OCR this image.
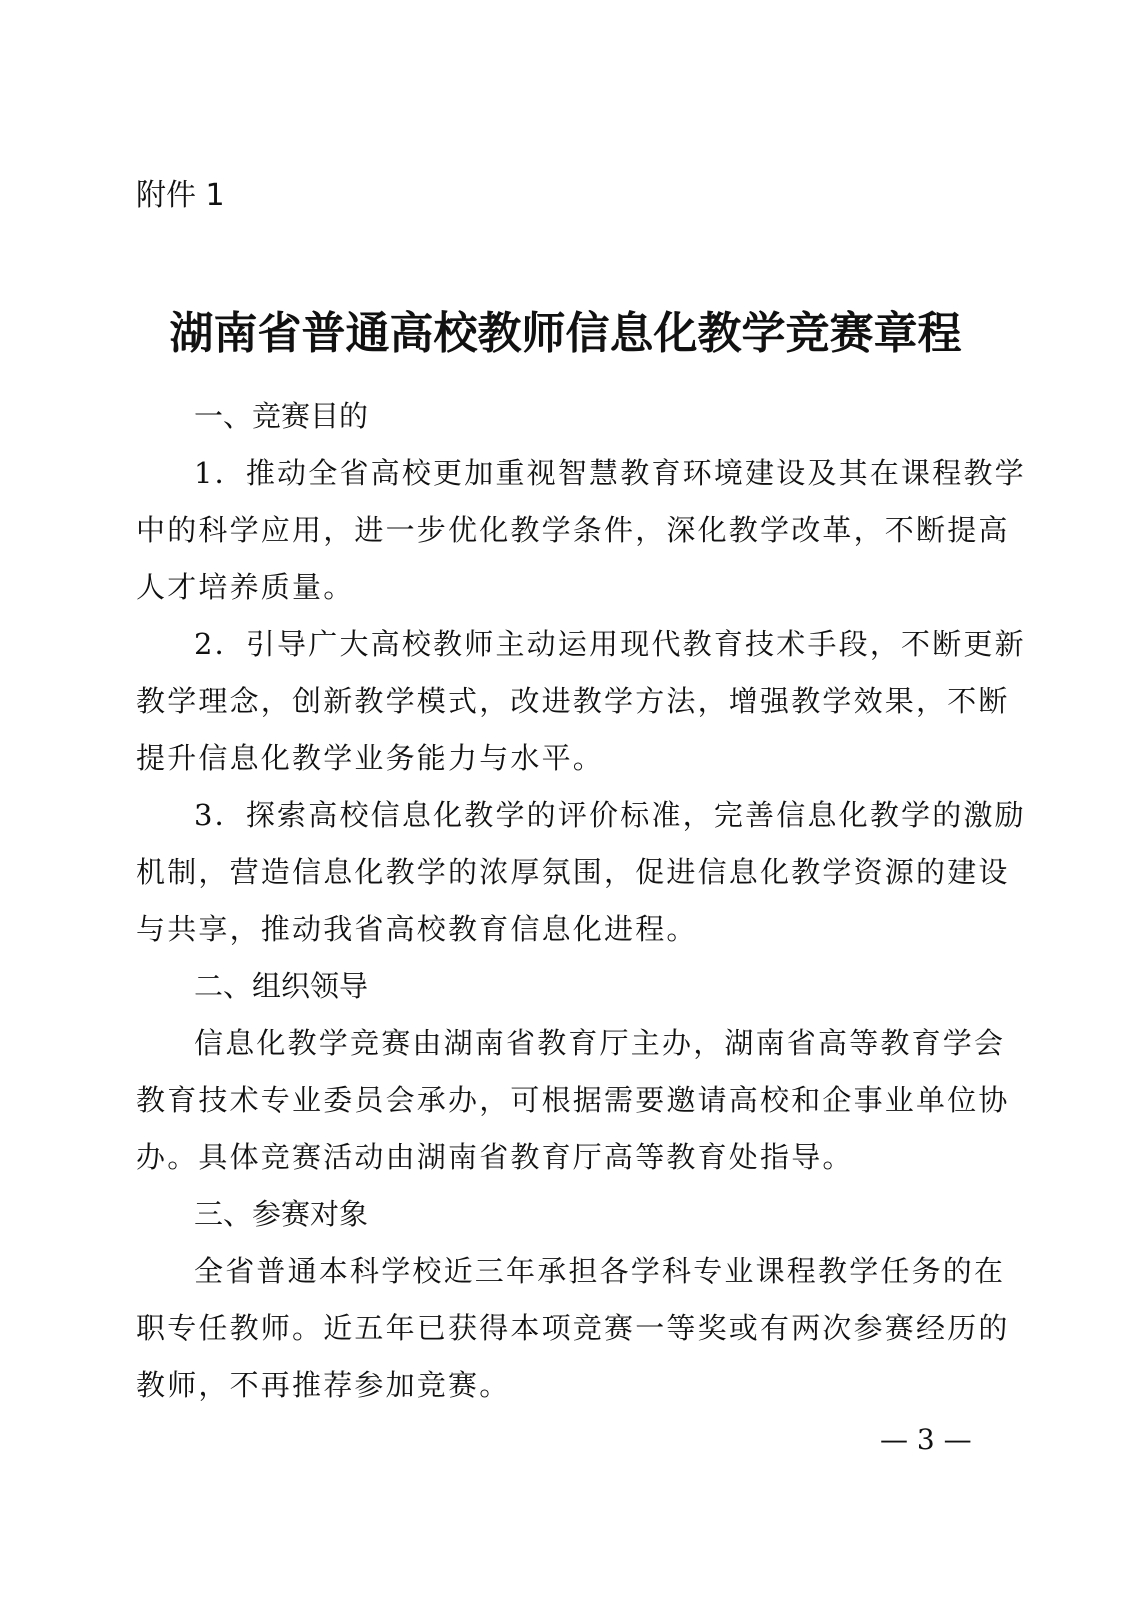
附件 1
湖南省普通高校教师信息化教学竞赛章程
一、竞赛目的

1．推动全省高校更加重视智慧教育环境建设及其在课程教学
中的科学应用，进一步优化教学条件，深化教学改革，不断提高
人才培养质量。

2．引导广大高校教师主动运用现代教育技术手段，不断更新
教学理念，创新教学模式，改进教学方法，增强教学效果，不断
提升信息化教学业务能力与水平。

3．探索高校信息化教学的评价标准，完善信息化教学的激励
机制，营造信息化教学的浓厚氛围，促进信息化教学资源的建设
与共享，推动我省高校教育信息化进程。

二、组织领导

信息化教学竞赛由湖南省教育厅主办，湖南省高等教育学会
教育技术专业委员会承办，可根据需要邀请高校和企事业单位协
办。具体竞赛活动由湖南省教育厅高等教育处指导。

三、参赛对象

全省普通本科学校近三年承担各学科专业课程教学任务的在
职专任教师。近五年已获得本项竞赛一等奖或有两次参赛经历的
教师，不再推荐参加竞赛。

— 3 —
